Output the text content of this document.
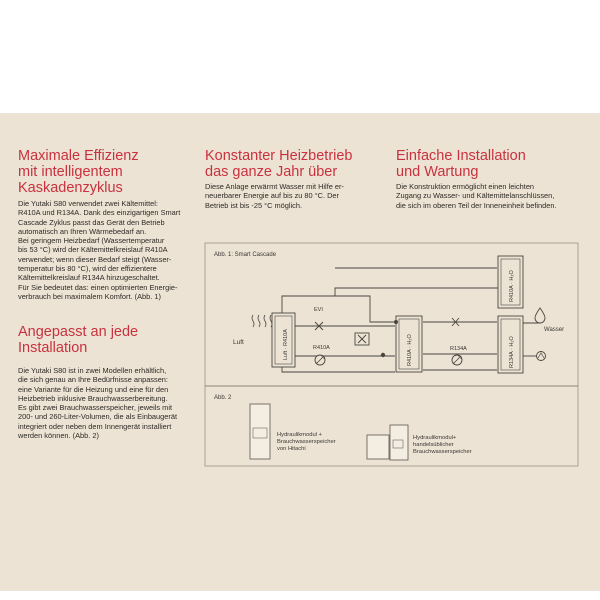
Maximale Effizienz
mit intelligentem
Kaskadenzyklus
Die Yutaki S80 verwendet zwei Kältemittel:
R410A und R134A. Dank des einzigartigen Smart
Cascade Zyklus passt das Gerät den Betrieb
automatisch an Ihren Wärmebedarf an.
Bei geringem Heizbedarf (Wassertemperatur
bis 53 °C) wird der Kältemittelkreislauf R410A
verwendet; wenn dieser Bedarf steigt (Wasser-
temperatur bis 80 °C), wird der effizientere
Kältemittelkreislauf R134A hinzugeschaltet.
Für Sie bedeutet das: einen optimierten Energie-
verbrauch bei maximalem Komfort. (Abb. 1)
Angepasst an jede
Installation
Die Yutaki S80 ist in zwei Modellen erhältlich,
die sich genau an Ihre Bedürfnisse anpassen:
eine Variante für die Heizung und eine für den
Heizbetrieb inklusive Brauchwasserbereitung.
Es gibt zwei Brauchwasserspeicher, jeweils mit
200- und 260-Liter-Volumen, die als Einbaugerät
integriert oder neben dem Innengerät installiert
werden können. (Abb. 2)
Konstanter Heizbetrieb
das ganze Jahr über
Diese Anlage erwärmt Wasser mit Hilfe er-
neuerbarer Energie auf bis zu 80 °C. Der
Betrieb ist bis -25 °C möglich.
Einfache Installation
und Wartung
Die Konstruktion ermöglicht einen leichten
Zugang zu Wasser- und Kältemittelanschlüssen,
die sich im oberen Teil der Inneneinheit befinden.
Abb. 1: Smart Cascade
Luft	Luft · R410A	R410A · H₂O	R134A · H₂O
R410A · H₂O
EVI
R410A	R134A
Wasser
Abb. 2
Hydraulikmodul + Brauchwasserspeicher von Hitachi
Hydraulikmodul+ handelsüblicher Brauchwasserspeicher
